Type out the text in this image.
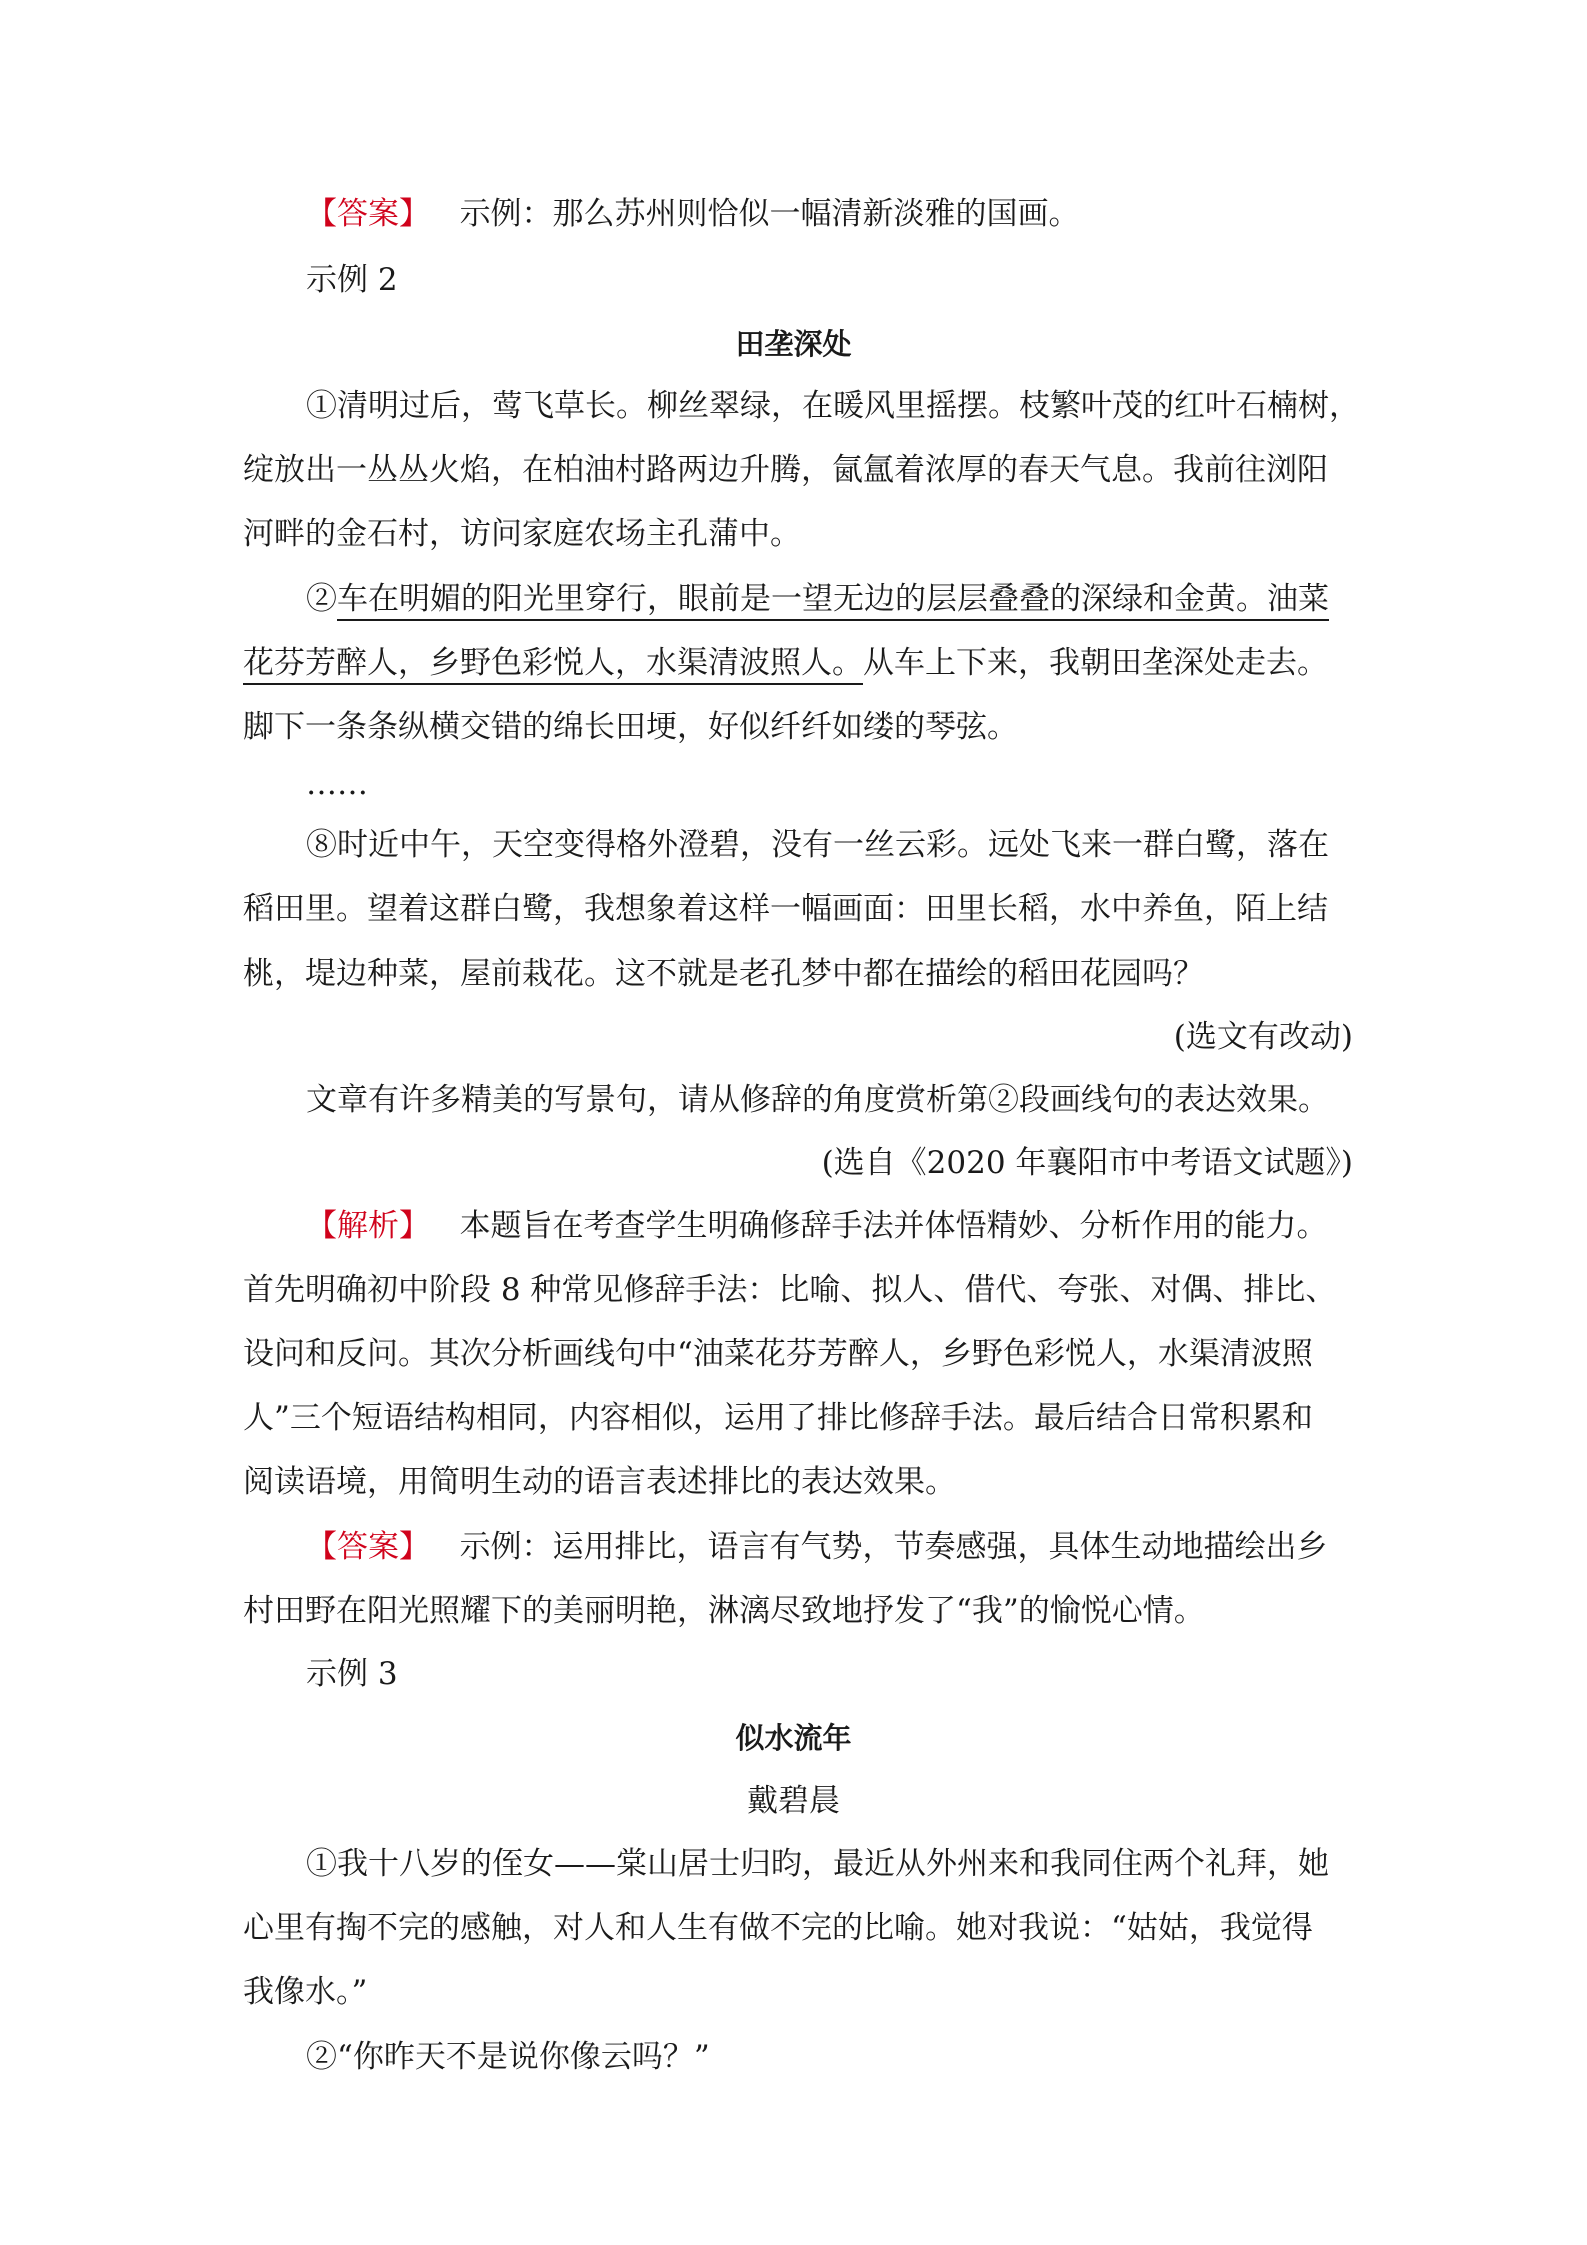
【答案】 示例：那么苏州则恰似一幅清新淡雅的国画。
示例 2
田垄深处
①清明过后，莺飞草长。柳丝翠绿，在暖风里摇摆。枝繁叶茂的红叶石楠树，
绽放出一丛丛火焰，在柏油村路两边升腾，氤氲着浓厚的春天气息。我前往浏阳
河畔的金石村，访问家庭农场主孔蒲中。
②车在明媚的阳光里穿行，眼前是一望无边的层层叠叠的深绿和金黄。油菜
花芬芳醉人，乡野色彩悦人，水渠清波照人。从车上下来，我朝田垄深处走去。
脚下一条条纵横交错的绵长田埂，好似纤纤如缕的琴弦。
……
⑧时近中午，天空变得格外澄碧，没有一丝云彩。远处飞来一群白鹭，落在
稻田里。望着这群白鹭，我想象着这样一幅画面：田里长稻，水中养鱼，陌上结
桃，堤边种菜，屋前栽花。这不就是老孔梦中都在描绘的稻田花园吗？
(选文有改动)
文章有许多精美的写景句，请从修辞的角度赏析第②段画线句的表达效果。
(选自《2020 年襄阳市中考语文试题》)
【解析】 本题旨在考查学生明确修辞手法并体悟精妙、分析作用的能力。
首先明确初中阶段 8 种常见修辞手法：比喻、拟人、借代、夸张、对偶、排比、
设问和反问。其次分析画线句中“油菜花芬芳醉人，乡野色彩悦人，水渠清波照
人”三个短语结构相同，内容相似，运用了排比修辞手法。最后结合日常积累和
阅读语境，用简明生动的语言表述排比的表达效果。
【答案】 示例：运用排比，语言有气势，节奏感强，具体生动地描绘出乡
村田野在阳光照耀下的美丽明艳，淋漓尽致地抒发了“我”的愉悦心情。
示例 3
似水流年
戴碧晨
①我十八岁的侄女——棠山居士归昀，最近从外州来和我同住两个礼拜，她
心里有掏不完的感触，对人和人生有做不完的比喻。她对我说：“姑姑，我觉得
我像水。”
②“你昨天不是说你像云吗？”
